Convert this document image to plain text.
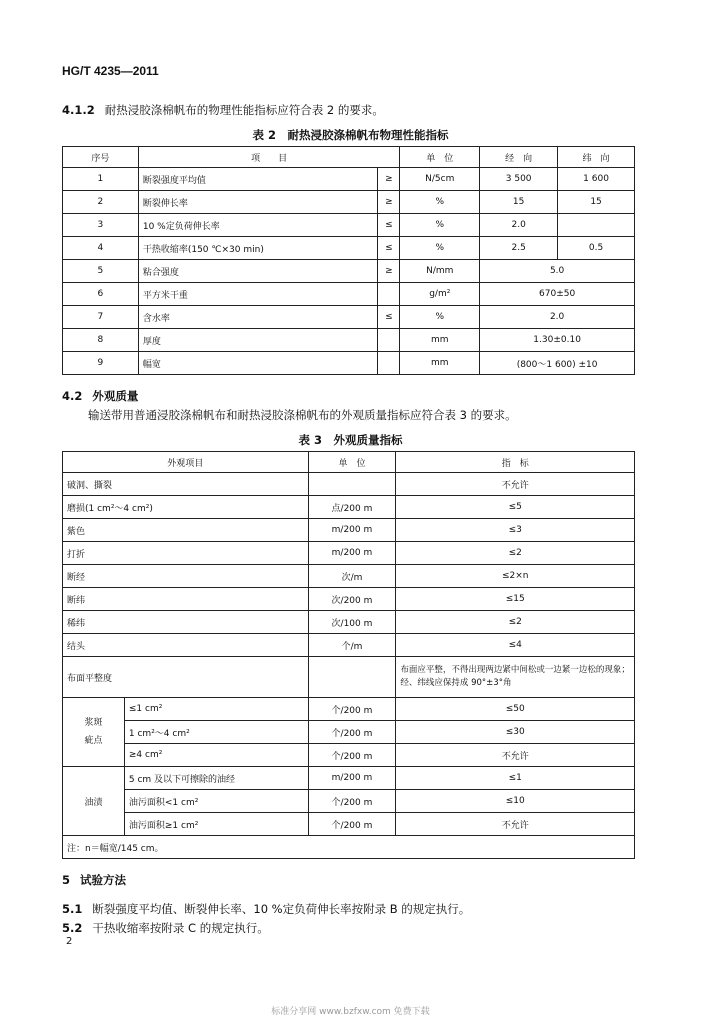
HG/T 4235—2011
4.1.2 耐热浸胶涤棉帆布的物理性能指标应符合表 2 的要求。
表 2　耐热浸胶涤棉帆布物理性能指标
序号	项　　目		单　位	经　向	纬　向
1	断裂强度平均值	≥	N/5cm	3 500	1 600
2	断裂伸长率	≥	%	15	15
3	10 %定负荷伸长率	≤	%	2.0	
4	干热收缩率(150 ℃×30 min)	≤	%	2.5	0.5
5	粘合强度	≥	N/mm	5.0	
6	平方米干重		g/m²	670±50	
7	含水率	≤	%	2.0	
8	厚度		mm	1.30±0.10	
9	幅宽		mm	(800～1 600) ±10	
4.2 外观质量
输送带用普通浸胶涤棉帆布和耐热浸胶涤棉帆布的外观质量指标应符合表 3 的要求。
表 3　外观质量指标
外观项目		单　位	指　标
破洞、撕裂			不允许
磨损(1 cm²～4 cm²)		点/200 m	≤5
紫色		m/200 m	≤3
打折		m/200 m	≤2
断经		次/m	≤2×n
断纬		次/200 m	≤15
稀纬		次/100 m	≤2
结头		个/m	≤4
布面平整度			布面应平整，不得出现两边紧中间松或一边紧一边松的现象；经、纬线应保持成 90°±3°角
浆斑
疵点	≤1 cm²	个/200 m	≤50
	1 cm²～4 cm²	个/200 m	≤30
	≥4 cm²	个/200 m	不允许
油渍	5 cm 及以下可擦除的油经	m/200 m	≤1
	油污面积<1 cm²	个/200 m	≤10
	油污面积≥1 cm²	个/200 m	不允许
注：n＝幅宽/145 cm。			
5 试验方法
5.1 断裂强度平均值、断裂伸长率、10 %定负荷伸长率按附录 B 的规定执行。
5.2 干热收缩率按附录 C 的规定执行。
2
标准分享网 www.bzfxw.com 免费下载
